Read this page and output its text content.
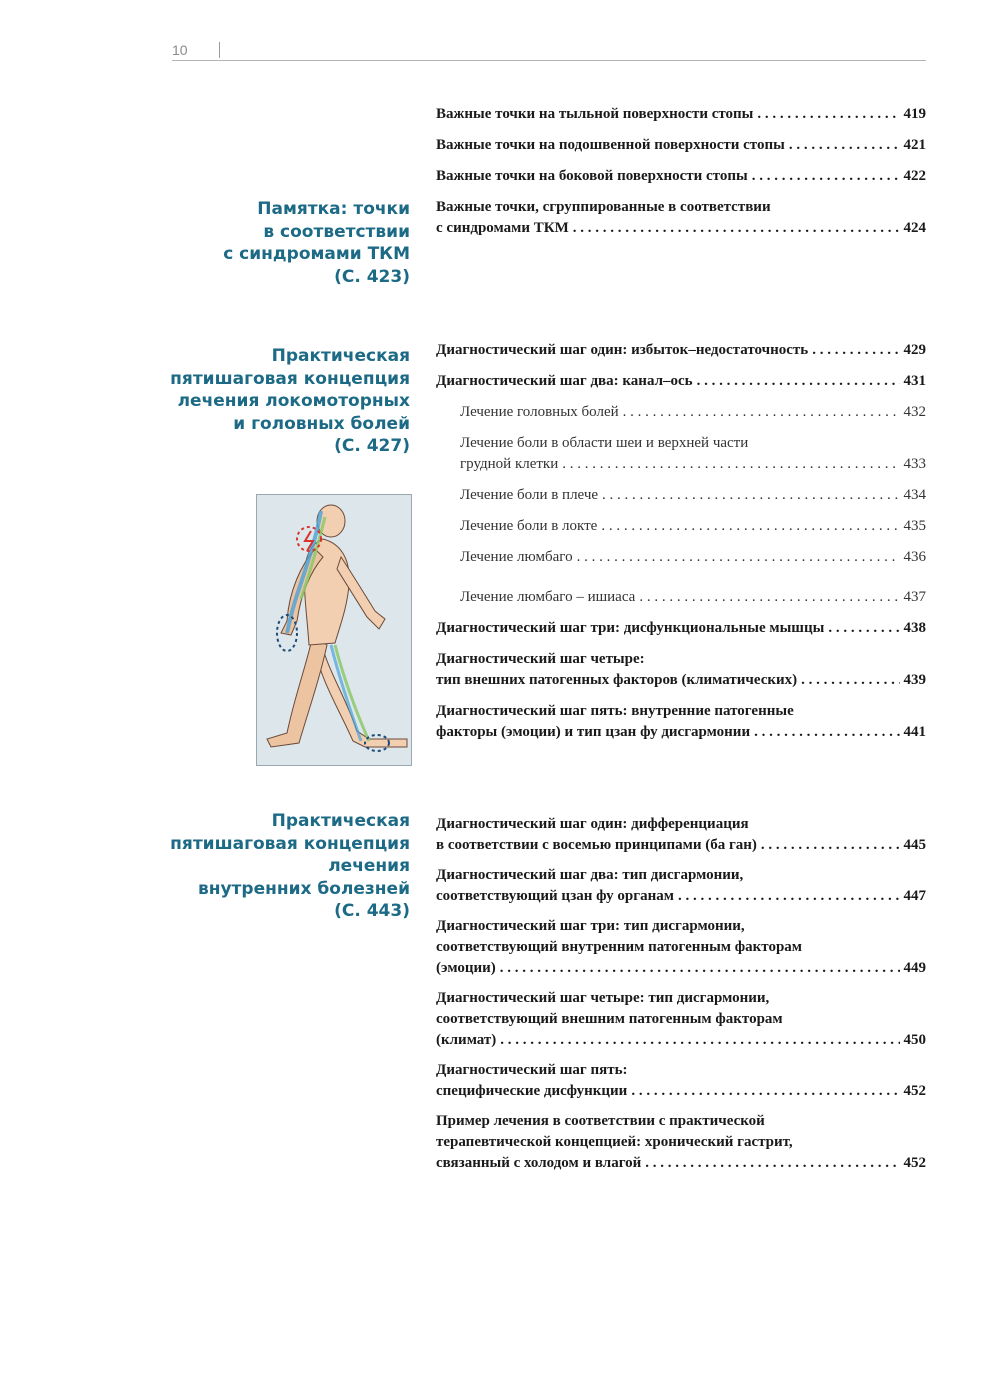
10
Памятка: точки
в соответствии
с синдромами ТКМ
(С. 423)
Важные точки на тыльной поверхности стопы . . .	419
Важные точки на подошвенной поверхности стопы . . .	421
Важные точки на боковой поверхности стопы . . .	422
Важные точки, сгруппированные в соответствии
с синдромами ТКМ . . .	424
Практическая
пятишаговая концепция
лечения локомоторных
и головных болей
(С. 427)
Диагностический шаг один: избыток–недостаточность . . .	429
Диагностический шаг два: канал–ось . . .	431
Лечение головных болей . . .	432
Лечение боли в области шеи и верхней части
грудной клетки . . .	433
Лечение боли в плече . . .	434
Лечение боли в локте . . .	435
Лечение люмбаго . . .	436
Лечение люмбаго – ишиаса . . .	437
Диагностический шаг три: дисфункциональные мышцы . . .	438
Диагностический шаг четыре:
тип внешних патогенных факторов (климатических) . . .	439
Диагностический шаг пять: внутренние патогенные
факторы (эмоции) и тип цзан фу дисгармонии . . .	441
Практическая
пятишаговая концепция
лечения
внутренних болезней
(С. 443)
Диагностический шаг один: дифференциация
в соответствии с восемью принципами (ба ган) . . .	445
Диагностический шаг два: тип дисгармонии,
соответствующий цзан фу органам . . .	447
Диагностический шаг три: тип дисгармонии,
соответствующий внутренним патогенным факторам
(эмоции) . . .	449
Диагностический шаг четыре: тип дисгармонии,
соответствующий внешним патогенным факторам
(климат) . . .	450
Диагностический шаг пять:
специфические дисфункции . . .	452
Пример лечения в соответствии с практической
терапевтической концепцией: хронический гастрит,
связанный с холодом и влагой . . .	452
